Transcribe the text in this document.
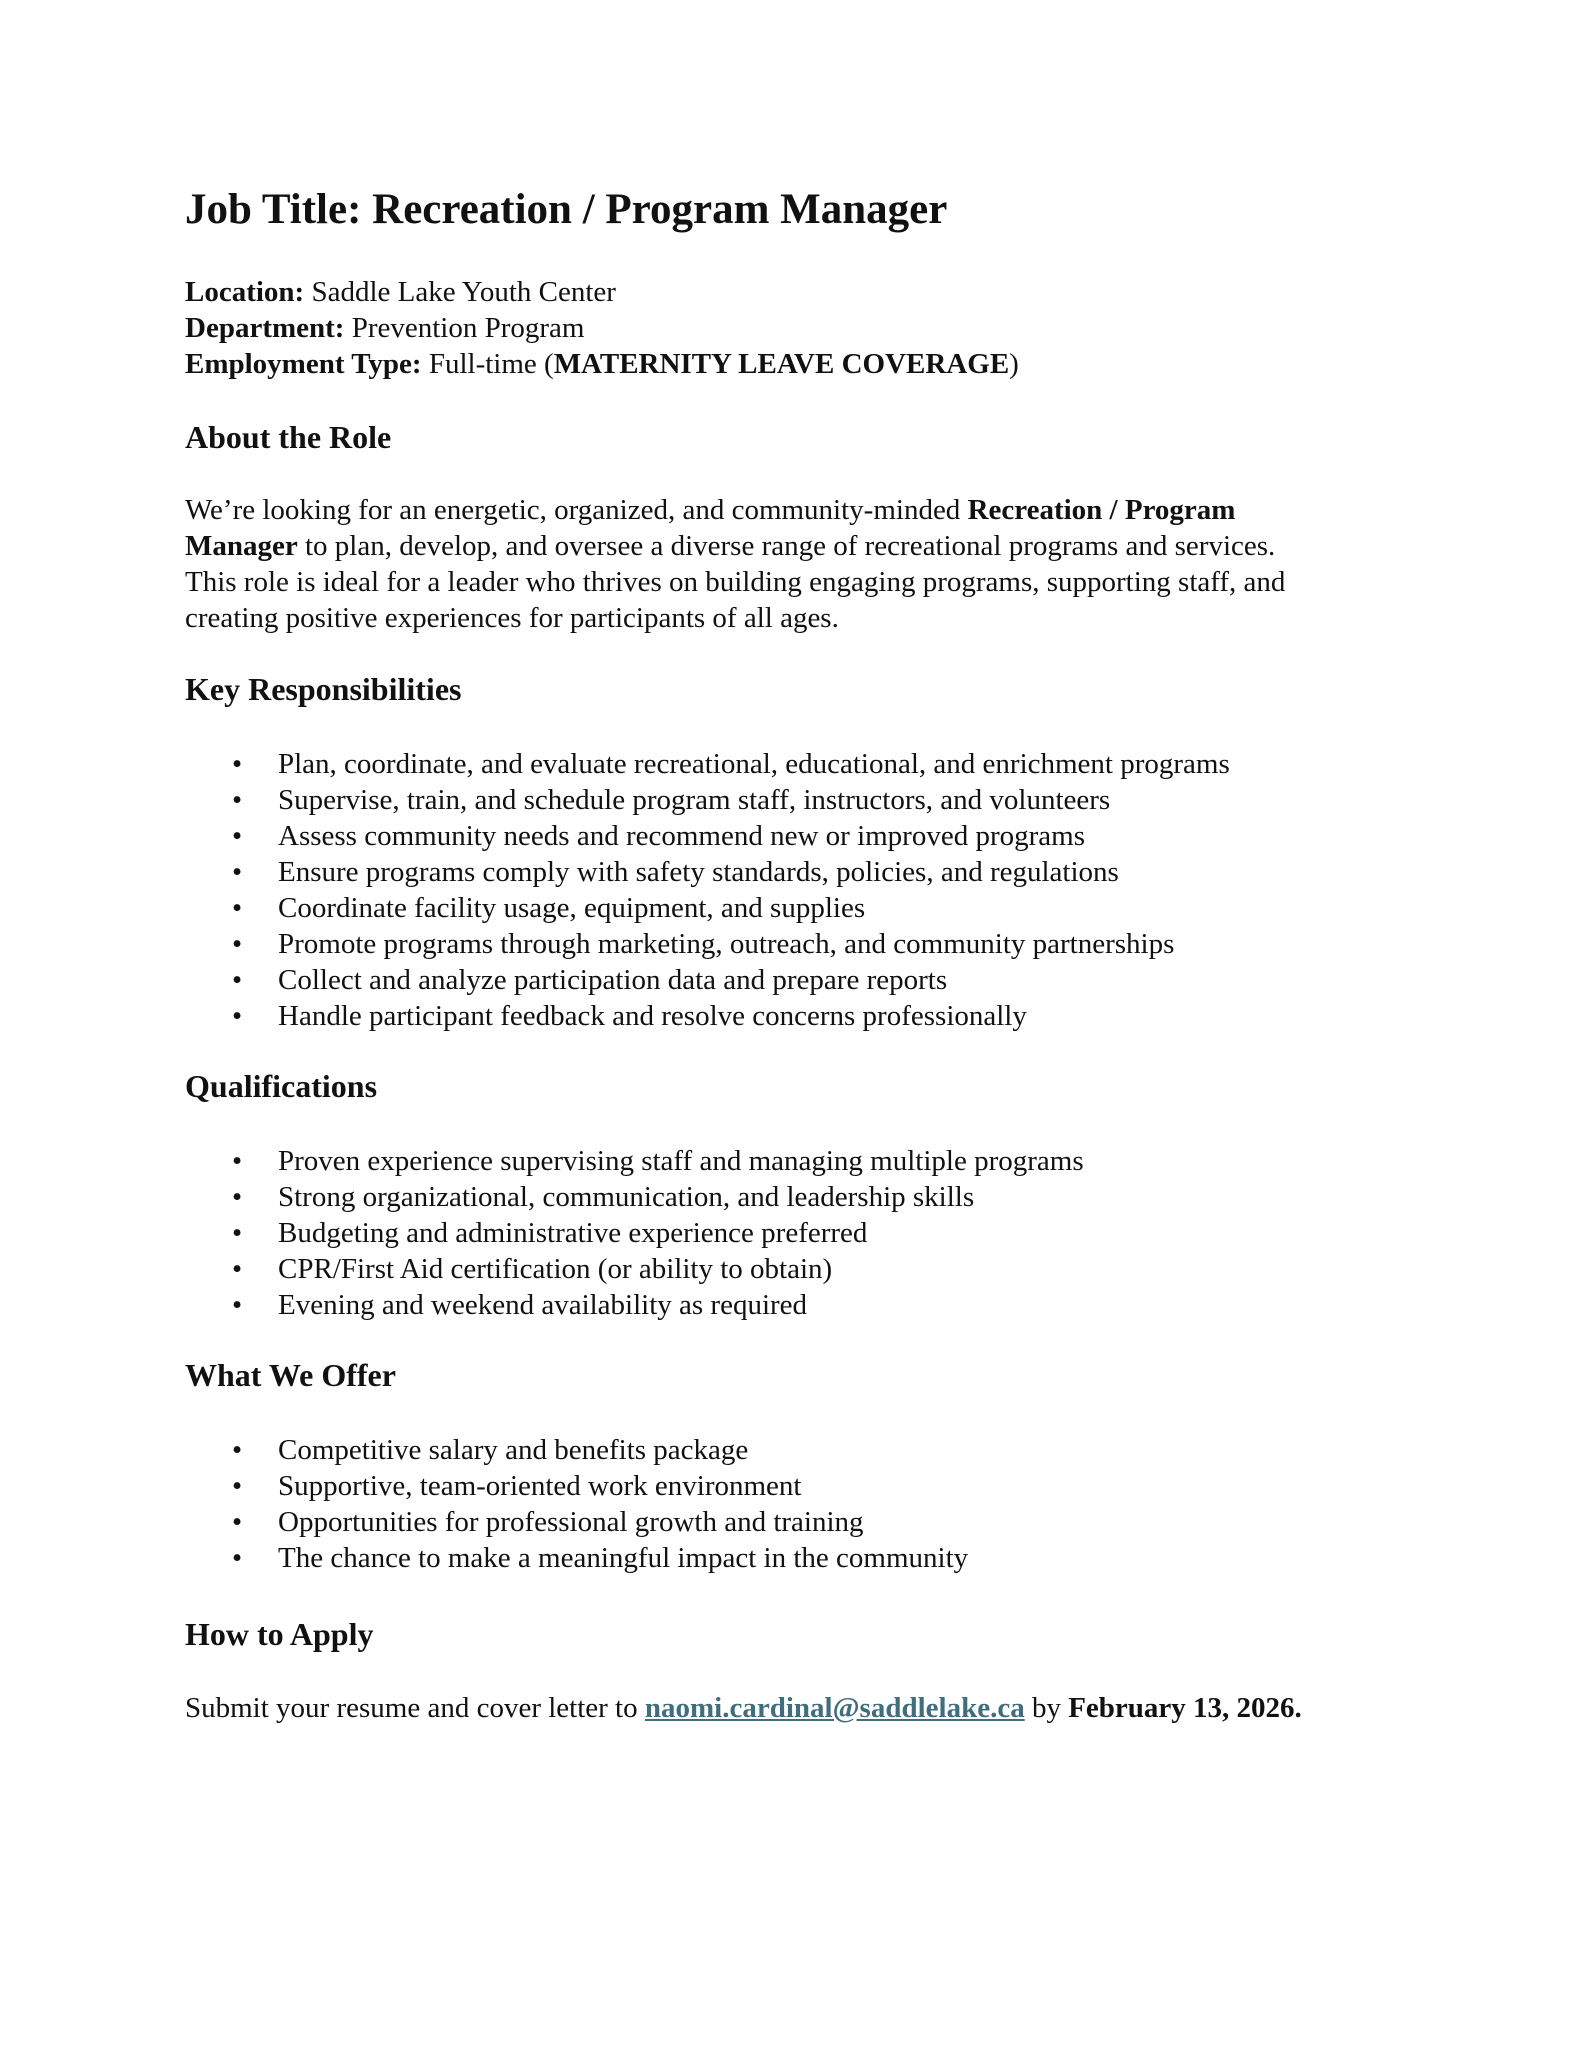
Job Title: Recreation / Program Manager
Location: Saddle Lake Youth Center
Department: Prevention Program
Employment Type: Full-time (MATERNITY LEAVE COVERAGE)
About the Role

We’re looking for an energetic, organized, and community-minded Recreation / Program
Manager to plan, develop, and oversee a diverse range of recreational programs and services.
This role is ideal for a leader who thrives on building engaging programs, supporting staff, and
creating positive experiences for participants of all ages.

Key Responsibilities
• Plan, coordinate, and evaluate recreational, educational, and enrichment programs
• Supervise, train, and schedule program staff, instructors, and volunteers
• Assess community needs and recommend new or improved programs
• Ensure programs comply with safety standards, policies, and regulations
• Coordinate facility usage, equipment, and supplies
• Promote programs through marketing, outreach, and community partnerships
• Collect and analyze participation data and prepare reports
• Handle participant feedback and resolve concerns professionally
Qualifications
• Proven experience supervising staff and managing multiple programs
• Strong organizational, communication, and leadership skills
• Budgeting and administrative experience preferred
• CPR/First Aid certification (or ability to obtain)
• Evening and weekend availability as required
What We Offer
• Competitive salary and benefits package
• Supportive, team-oriented work environment
• Opportunities for professional growth and training
• The chance to make a meaningful impact in the community
How to Apply
Submit your resume and cover letter to naomi.cardinal@saddlelake.ca by February 13, 2026.
